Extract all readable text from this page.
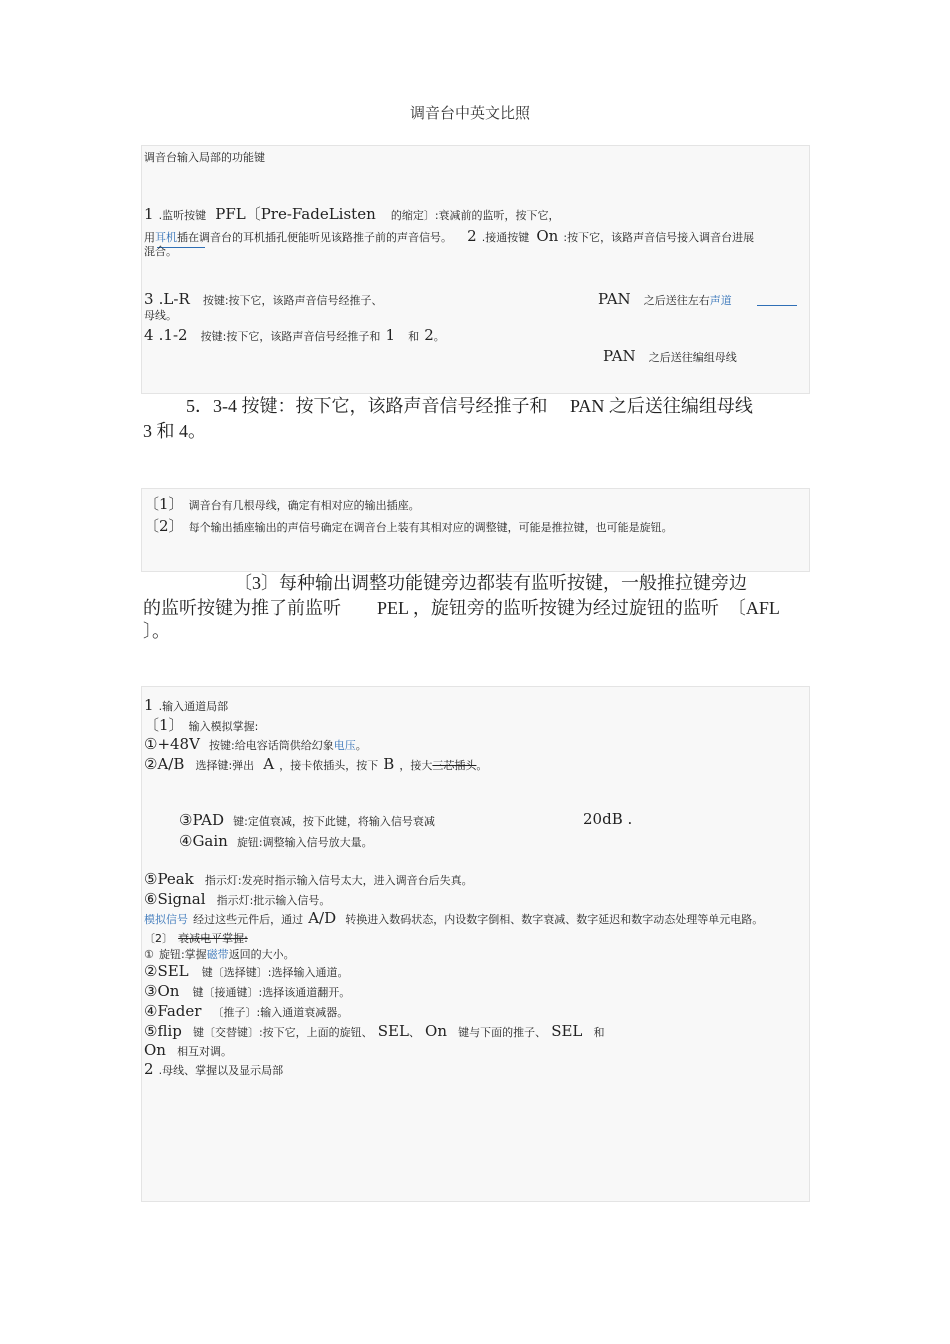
调音台中英文比照
调音台输入局部的功能键
1 .监听按键 PFL〔Pre-FadeListen 的缩定〕:衰减前的监听，按下它，
用耳机插在调音台的耳机插孔便能听见该路推子前的声音信号。 2 .接通按键 On :按下它，该路声音信号接入调音台进展
混合。
3 .L-R 按键:按下它，该路声音信号经推子、	PAN 之后送往左右声道
母线。
4 .1-2 按键:按下它，该路声音信号经推子和 1 和 2。
PAN 之后送往编组母线
5．3-4 按键：按下它，该路声音信号经推子和　 PAN 之后送往编组母线
3 和 4。
〔1〕 调音台有几根母线，确定有相对应的输出插座。
〔2〕 每个输出插座输出的声信号确定在调音台上装有其相对应的调整键，可能是推拉键，也可能是旋钮。
〔3〕每种输出调整功能键旁边都装有监听按键，一般推拉键旁边
的监听按键为推了前监听　　PEL ，旋钮旁的监听按键为经过旋钮的监听　〔AFL
〕。
1 .输入通道局部
〔1〕 输入模拟掌握:
①+48V 按键:给电容话筒供给幻象电压。
②A/B 选择键:弹出 A ，接卡侬插头，按下 B ，接大三芯插头。
③PAD 键:定值衰减，按下此键，将输入信号衰减	20dB .
④Gain 旋钮:调整输入信号放大量。
⑤Peak 指示灯:发亮时指示输入信号太大，进入调音台后失真。
⑥Signal 指示灯:批示输入信号。
模拟信号 经过这些元件后，通过 A/D 转换进入数码状态，内设数字倒相、数字衰减、数字延迟和数字动态处理等单元电路。
〔2〕 衰减电平掌握:
① 旋钮:掌握磁带返回的大小。
②SEL 键〔选择键〕:选择输入通道。
③On 键〔接通键〕:选择该通道翻开。
④Fader 〔推子〕:输入通道衰减器。
⑤flip 键〔交替键〕:按下它，上面的旋钮、 SEL、 On 键与下面的推子、 SEL 和
On 相互对调。
2 .母线、掌握以及显示局部
